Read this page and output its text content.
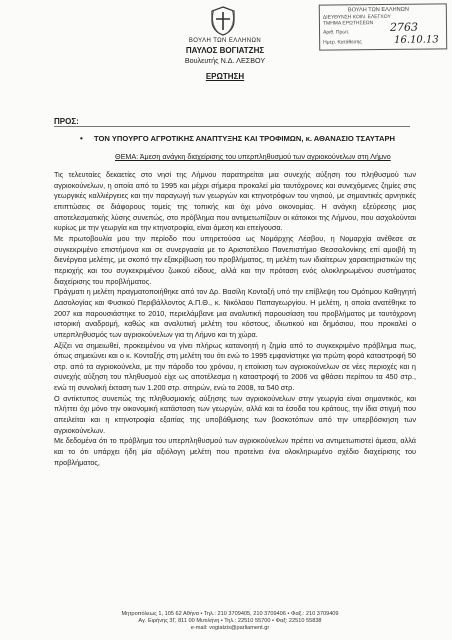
ΒΟΥΛΗ ΤΩΝ ΕΛΛΗΝΩΝ
ΠΑΥΛΟΣ ΒΟΓΙΑΤΖΗΣ
Βουλευτής Ν.Δ. ΛΕΣΒΟΥ
ΕΡΩΤΗΣΗ
ΒΟΥΛΗ ΤΩΝ ΕΛΛΗΝΩΝ
ΔΙΕΥΘΥΝΣΗ ΚΟΙΝ. ΕΛΕΓΧΟΥ
ΤΜΗΜΑ ΕΡΩΤΗΣΕΩΝ
Αριθ. Πρωτ.	2763
Ημερ. Κατάθεσης	16.10.13
ΠΡΟΣ:
• ΤΟΝ ΥΠΟΥΡΓΟ ΑΓΡΟΤΙΚΗΣ ΑΝΑΠΤΥΞΗΣ ΚΑΙ ΤΡΟΦΙΜΩΝ, κ. ΑΘΑΝΑΣΙΟ ΤΣΑΥΤΑΡΗ
ΘΕΜΑ: Άμεση ανάγκη διαχείρισης του υπερπληθυσμού των αγριοκούνελων στη Λήμνο

Τις τελευταίες δεκαετίες στο νησί της Λήμνου παρατηρείται μια συνεχής αύξηση του πληθυσμού των αγριοκούνελων, η οποία από το 1995 και μέχρι σήμερα προκαλεί μία ταυτόχρονες και συνεχόμενες ζημίες στις γεωργικές καλλιέργειες και την παραγωγή των γεωργών και κτηνοτρόφων του νησιού, με σημαντικές αρνητικές επιπτώσεις σε διάφορους τομείς της τοπικής και όχι μόνο οικονομίας. Η ανάγκη εξεύρεσης μιας αποτελεσματικής λύσης συνεπώς, στο πρόβλημα που αντιμετωπίζουν οι κάτοικοι της Λήμνου, που ασχολούνται κυρίως με την γεωργία και την κτηνοτροφία, είναι άμεση και επείγουσα.

Με πρωτοβουλία μου την περίοδο που υπηρετούσα ως Νομάρχης Λέσβου, η Νομαρχία ανέθεσε σε συγκεκριμένο επιστήμονα και σε συνεργασία με το Αριστοτέλειο Πανεπιστήμιο Θεσσαλονίκης επί αμοιβή τη διενέργεια μελέτης, με σκοπό την εξακρίβωση του προβλήματος, τη μελέτη των ιδιαίτερων χαρακτηριστικών της περιοχής και του συγκεκριμένου ζωικού είδους, αλλά και την πρόταση ενός ολοκληρωμένου συστήματος διαχείρισης του προβλήματος.

Πράγματι η μελέτη πραγματοποιήθηκε από τον Δρ. Βασίλη Κονταξή υπό την επίβλεψη του Ομότιμου Καθηγητή Δασολογίας και Φυσικού Περιβάλλοντος Α.Π.Θ., κ. Νικόλαου Παπαγεωργίου. Η μελέτη, η οποία ανατέθηκε το 2007 και παρουσιάστηκε το 2010, περιελάμβανε μια αναλυτική παρουσίαση του προβλήματος με ταυτόχρονη ιστορική αναδρομή, καθώς και αναλυτική μελέτη του κόστους, ιδιωτικού και δημόσιου, που προκαλεί ο υπερπληθυσμός των αγριοκούνελων για τη Λήμνο και τη χώρα.

Αξίζει να σημειωθεί, προκειμένου να γίνει πλήρως κατανοητή η ζημία από το συγκεκριμένο πρόβλημα πως, όπως σημειώνει και ο κ. Κονταξής στη μελέτη του ότι ενώ το 1995 εμφανίστηκε για πρώτη φορά καταστροφή 50 στρ. από τα αγριοκούνελα, με την πάροδο του χρόνου, η εποίκιση των αγριοκούνελων σε νέες περιοχές και η συνεχής αύξηση του πληθυσμού είχε ως αποτέλεσμα η καταστροφή το 2006 να φθάσει περίπου τα 450 στρ., ενώ τη συνολική έκταση των 1.200 στρ. σιτηρών, ενώ το 2008, τα 540 στρ.

Ο αντίκτυπος συνεπώς της πληθυσμιακής αύξησης των αγριοκούνελων στην γεωργία είναι σημαντικός, και πλήττει όχι μόνο την οικονομική κατάσταση των γεωργών, αλλά και τα έσοδα του κράτους, την ίδια στιγμή που απειλείται και η κτηνοτροφία εξαιτίας της υποβάθμισης των βοσκοτόπων από την υπερβόσκηση των αγριοκούνελων.

Με δεδομένα ότι το πρόβλημα του υπερπληθυσμού των αγριοκούνελων πρέπει να αντιμετωπιστεί άμεσα, αλλά και το ότι υπάρχει ήδη μία αξιόλογη μελέτη που προτείνει ένα ολοκληρωμένο σχέδιο διαχείρισης του προβλήματος,

Μητροπόλεως 1, 105 62 Αθήνα • Τηλ.: 210 3709405, 210 3709406 • Φαξ.: 210 3709409
Αγ. Ειρήνης 3Γ, 811 00 Μυτιλήνη • Τηλ.: 22510 55700 • Φαξ: 22510 55838
e-mail: vogiatzis@parliament.gr
